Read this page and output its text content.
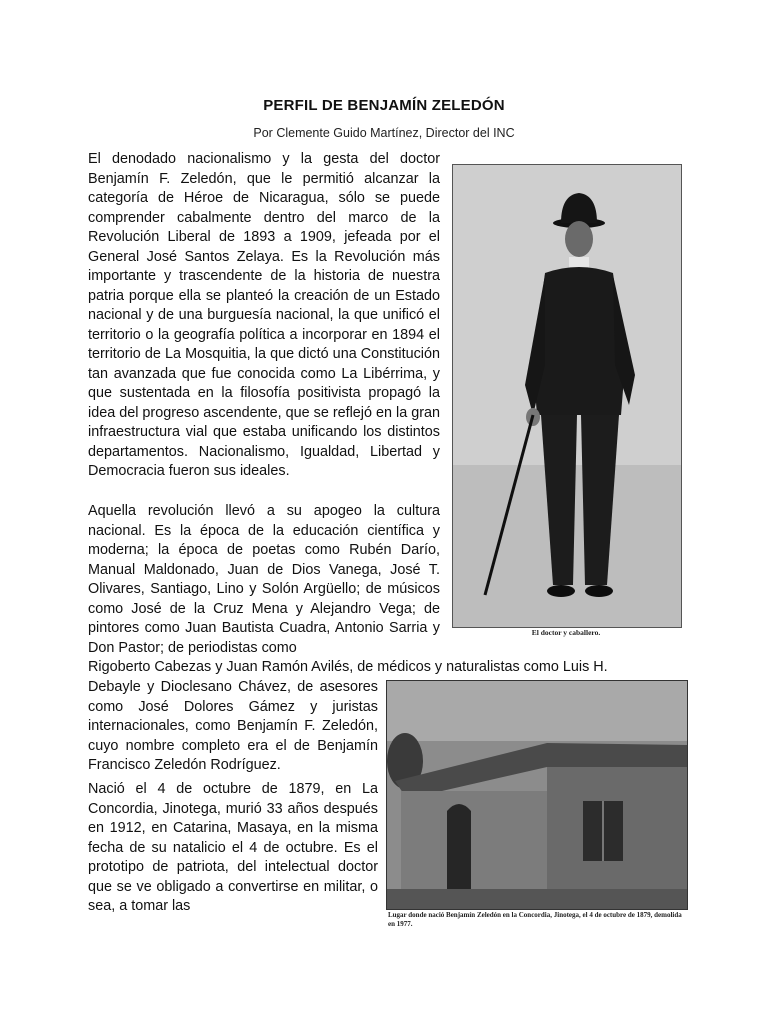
PERFIL DE BENJAMÍN ZELEDÓN
Por Clemente Guido Martínez, Director del INC

El denodado nacionalismo y la gesta del doctor Benjamín F. Zeledón, que le permitió alcanzar la categoría de Héroe de Nicaragua, sólo se puede comprender cabalmente dentro del marco de la Revolución Liberal de 1893 a 1909, jefeada por el General José Santos Zelaya. Es la Revolución más importante y trascendente de la historia de nuestra patria porque ella se planteó la creación de un Estado nacional y de una burguesía nacional, la que unificó el territorio o la geografía política a incorporar en 1894 el territorio de La Mosquitia, la que dictó una Constitución tan avanzada que fue conocida como La Libérrima, y que sustentada en la filosofía positivista propagó la idea del progreso ascendente, que se reflejó en la gran infraestructura vial que estaba unificando los distintos departamentos. Nacionalismo, Igualdad, Libertad y Democracia fueron sus ideales.

El doctor y caballero.

Aquella revolución llevó a su apogeo la cultura nacional. Es la época de la educación científica y moderna; la época de poetas como Rubén Darío, Manual Maldonado, Juan de Dios Vanega, José T. Olivares, Santiago, Lino y Solón Argüello; de músicos como José de la Cruz Mena y Alejandro Vega; de pintores como Juan Bautista Cuadra, Antonio Sarria y Don Pastor; de periodistas como

Rigoberto Cabezas y Juan Ramón Avilés, de médicos y naturalistas como Luis H.

Debayle y Dioclesano Chávez, de asesores como José Dolores Gámez y juristas internacionales, como Benjamín F. Zeledón, cuyo nombre completo era el de Benjamín Francisco Zeledón Rodríguez.

Lugar donde nació Benjamín Zeledón en la Concordia, Jinotega, el 4 de octubre de 1879, demolida en 1977.

Nació el 4 de octubre de 1879, en La Concordia, Jinotega, murió 33 años después en 1912, en Catarina, Masaya, en la misma fecha de su natalicio el 4 de octubre. Es el prototipo de patriota, del intelectual doctor que se ve obligado a convertirse en militar, o sea, a tomar las
